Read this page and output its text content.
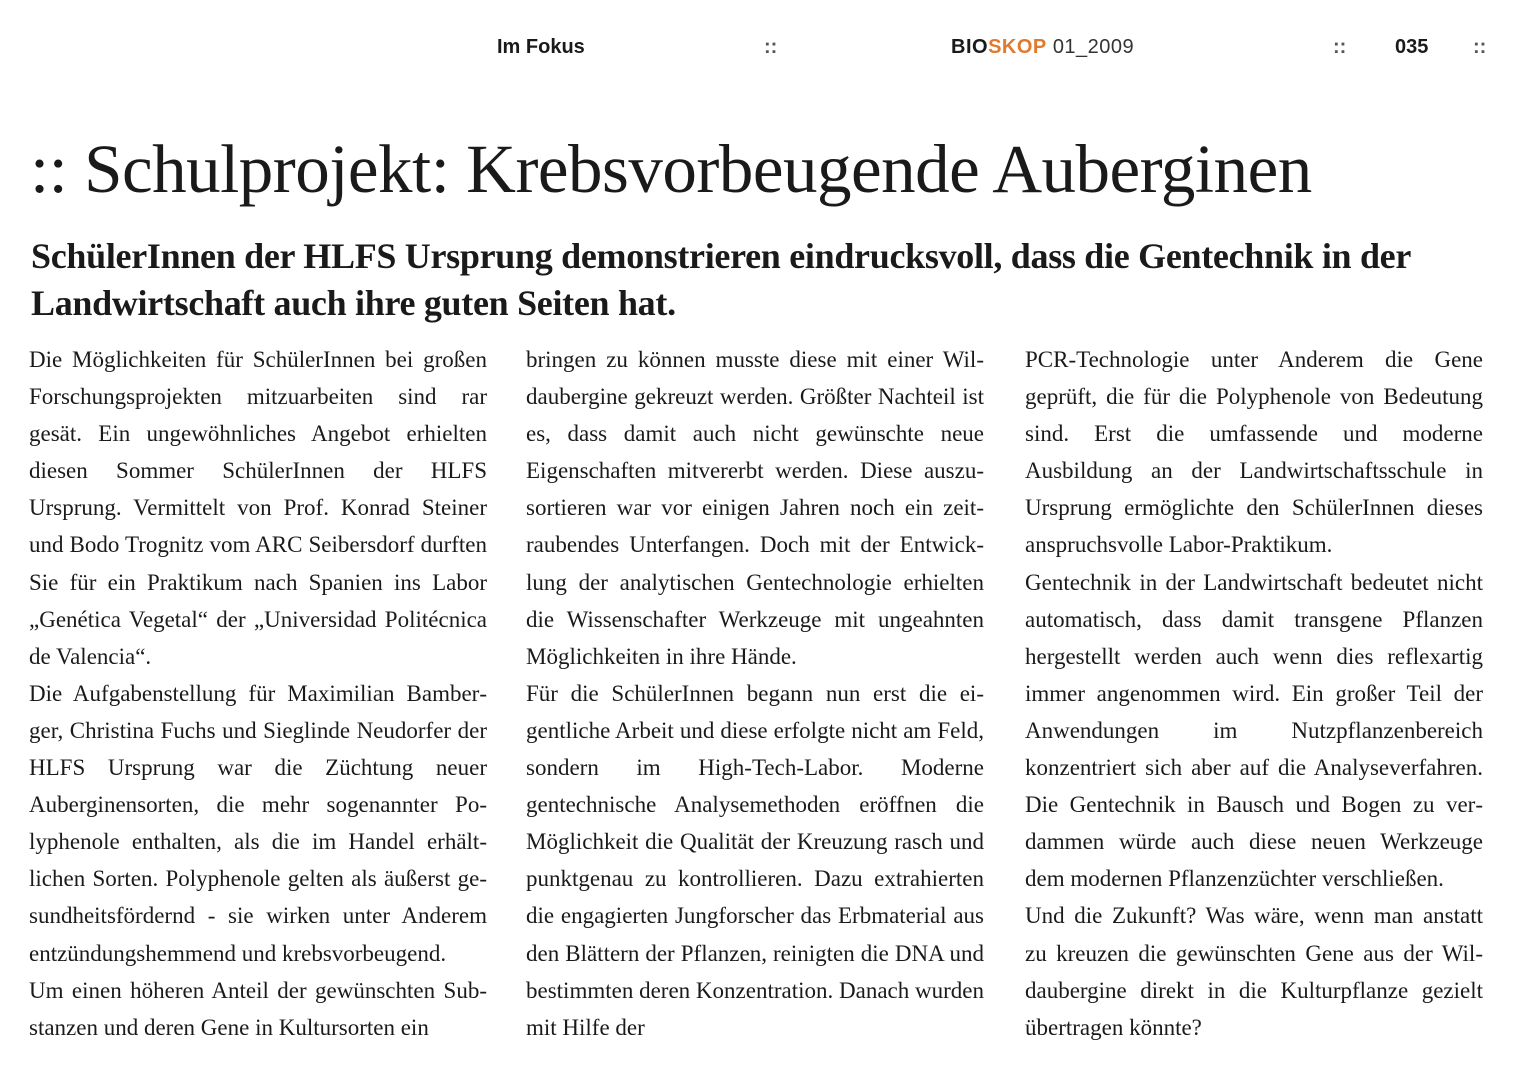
Im Fokus	::	BIOSKOP 01_2009	:: 035 ::
:: Schulprojekt: Krebsvorbeugende Auberginen

SchülerInnen der HLFS Ursprung demonstrieren eindrucksvoll, dass die Gentechnik in der Landwirtschaft auch ihre guten Seiten hat.

Die Möglichkeiten für SchülerInnen bei großen Forschungsprojekten mitzuarbeiten sind rar gesät. Ein ungewöhnliches Angebot erhielten diesen Sommer SchülerInnen der HLFS Ursprung. Vermittelt von Prof. Konrad Steiner und Bodo Trognitz vom ARC Seibersdorf durften Sie für ein Praktikum nach Spanien ins Labor „Genética Vegetal“ der „Universidad Politécnica de Valencia“.

Die Aufgabenstellung für Maximilian Bamberger, Christina Fuchs und Sieglinde Neudorfer der HLFS Ursprung war die Züchtung neuer Auberginensorten, die mehr sogenannter Polyphenole enthalten, als die im Handel erhältlichen Sorten. Polyphenole gelten als äußerst gesundheitsfördernd - sie wirken unter Anderem entzündungshemmend und krebsvorbeugend.

Um einen höheren Anteil der gewünschten Substanzen und deren Gene in Kultursorten ein

bringen zu können musste diese mit einer Wildaubergine gekreuzt werden. Größter Nachteil ist es, dass damit auch nicht gewünschte neue Eigenschaften mitvererbt werden. Diese auszusortieren war vor einigen Jahren noch ein zeitraubendes Unterfangen. Doch mit der Entwicklung der analytischen Gentechnologie erhielten die Wissenschafter Werkzeuge mit ungeahnten Möglichkeiten in ihre Hände.

Für die SchülerInnen begann nun erst die eigentliche Arbeit und diese erfolgte nicht am Feld, sondern im High-Tech-Labor. Moderne gentechnische Analysemethoden eröffnen die Möglichkeit die Qualität der Kreuzung rasch und punktgenau zu kontrollieren. Dazu extrahierten die engagierten Jungforscher das Erbmaterial aus den Blättern der Pflanzen, reinigten die DNA und bestimmten deren Konzentration. Danach wurden mit Hilfe der

PCR-Technologie unter Anderem die Gene geprüft, die für die Polyphenole von Bedeutung sind. Erst die umfassende und moderne Ausbildung an der Landwirtschaftsschule in Ursprung ermöglichte den SchülerInnen dieses anspruchsvolle Labor-Praktikum.

Gentechnik in der Landwirtschaft bedeutet nicht automatisch, dass damit transgene Pflanzen hergestellt werden auch wenn dies reflexartig immer angenommen wird. Ein großer Teil der Anwendungen im Nutzpflanzenbereich konzentriert sich aber auf die Analyseverfahren. Die Gentechnik in Bausch und Bogen zu verdammen würde auch diese neuen Werkzeuge dem modernen Pflanzenzüchter verschließen.

Und die Zukunft? Was wäre, wenn man anstatt zu kreuzen die gewünschten Gene aus der Wildaubergine direkt in die Kulturpflanze gezielt übertragen könnte?
